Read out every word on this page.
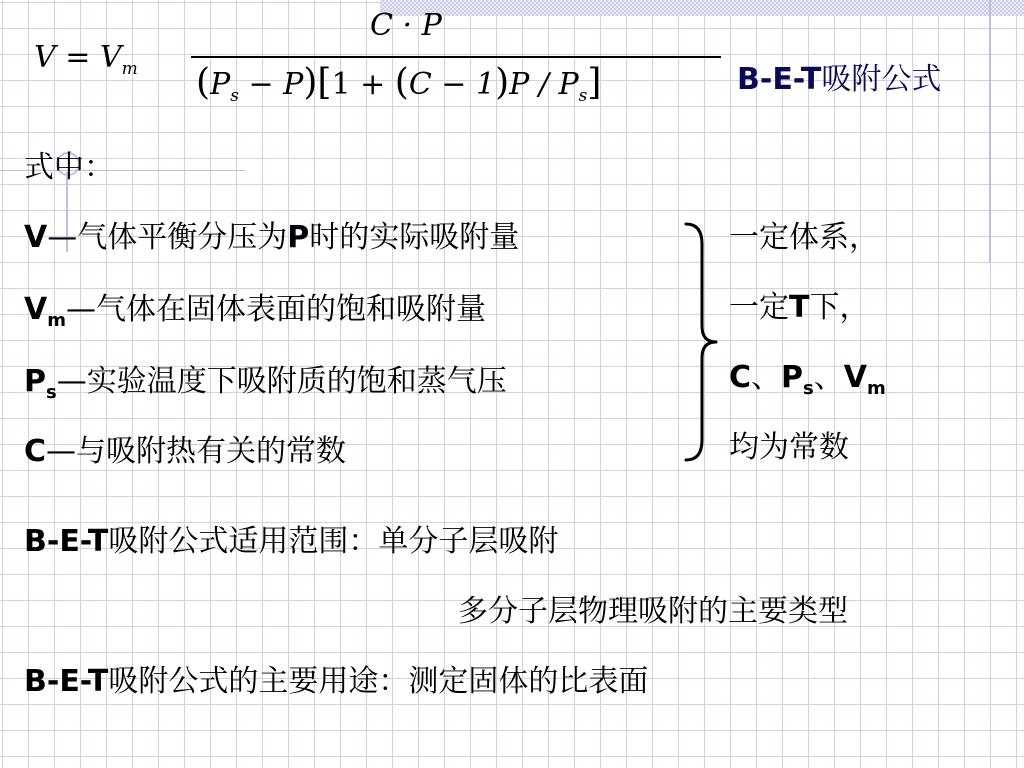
$V = V_m$
C · P
$(P_s - P)[1 + (C - 1)P / P_s]$	B-E-T吸附公式
式中：
V—气体平衡分压为P时的实际吸附量
$V_m—$气体在固体表面的饱和吸附量
$P_s—$实验温度下吸附质的饱和蒸气压
C—与吸附热有关的常数
一定体系，
一定T下，
C、$P_s$、$V_m$
均为常数
B-E-T吸附公式适用范围：单分子层吸附
多分子层物理吸附的主要类型
B-E-T吸附公式的主要用途：测定固体的比表面
